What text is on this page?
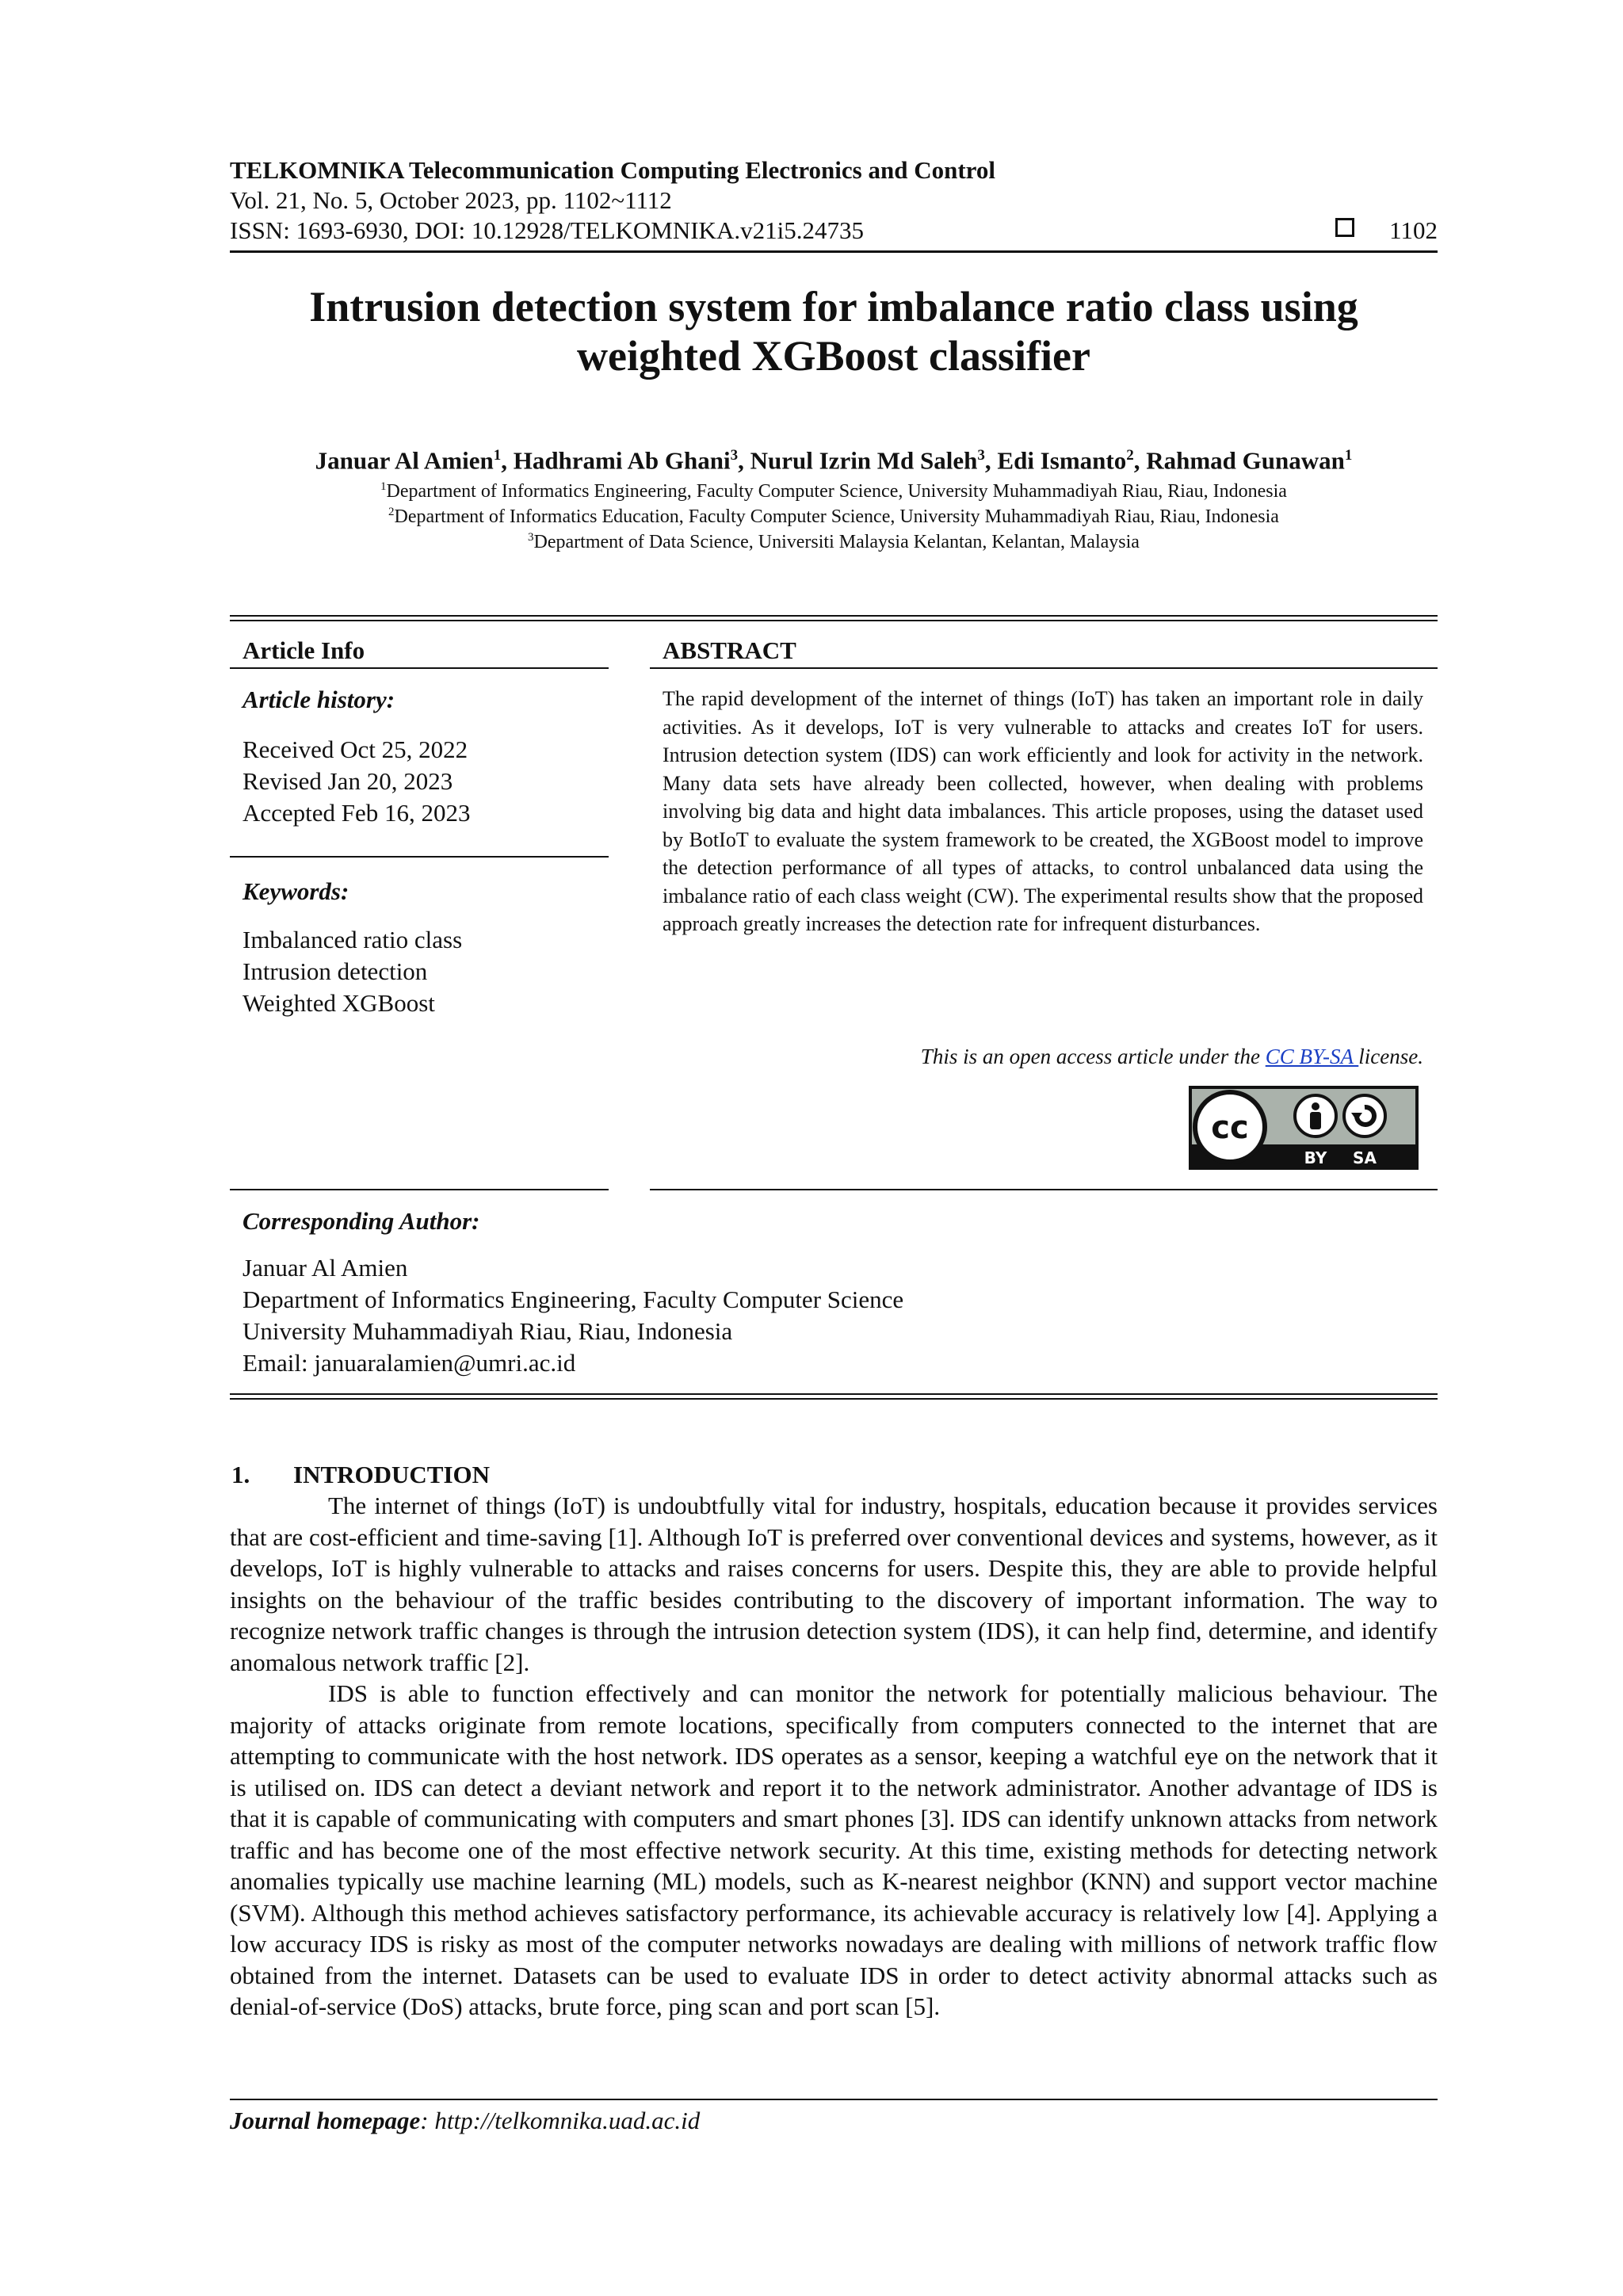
TELKOMNIKA Telecommunication Computing Electronics and Control
Vol. 21, No. 5, October 2023, pp. 1102~1112
ISSN: 1693-6930, DOI: 10.12928/TELKOMNIKA.v21i5.24735	1102
Intrusion detection system for imbalance ratio class using
weighted XGBoost classifier
Januar Al Amien$^1$, Hadhrami Ab Ghani$^3$, Nurul Izrin Md Saleh$^3$, Edi Ismanto$^2$, Rahmad Gunawan$^1$
$^1$Department of Informatics Engineering, Faculty Computer Science, University Muhammadiyah Riau, Riau, Indonesia
$^2$Department of Informatics Education, Faculty Computer Science, University Muhammadiyah Riau, Riau, Indonesia
$^3$Department of Data Science, Universiti Malaysia Kelantan, Kelantan, Malaysia
Article Info
Article history:
Received Oct 25, 2022
Revised Jan 20, 2023
Accepted Feb 16, 2023
Keywords:
Imbalanced ratio class
Intrusion detection
Weighted XGBoost
ABSTRACT
The rapid development of the internet of things (IoT) has taken an important role in daily activities. As it develops, IoT is very vulnerable to attacks and creates IoT for users. Intrusion detection system (IDS) can work efficiently and look for activity in the network. Many data sets have already been collected, however, when dealing with problems involving big data and hight data imbalances. This article proposes, using the dataset used by BotIoT to evaluate the system framework to be created, the XGBoost model to improve the detection performance of all types of attacks, to control unbalanced data using the imbalance ratio of each class weight (CW). The experimental results show that the proposed approach greatly increases the detection rate for infrequent disturbances.
This is an open access article under the CC BY-SA license.
cc
BY SA
Corresponding Author:
Januar Al Amien
Department of Informatics Engineering, Faculty Computer Science
University Muhammadiyah Riau, Riau, Indonesia
Email: januaralamien@umri.ac.id
1. INTRODUCTION

The internet of things (IoT) is undoubtfully vital for industry, hospitals, education because it provides services that are cost-efficient and time-saving [1]. Although IoT is preferred over conventional devices and systems, however, as it develops, IoT is highly vulnerable to attacks and raises concerns for users. Despite this, they are able to provide helpful insights on the behaviour of the traffic besides contributing to the discovery of important information. The way to recognize network traffic changes is through the intrusion detection system (IDS), it can help find, determine, and identify anomalous network traffic [2].

IDS is able to function effectively and can monitor the network for potentially malicious behaviour. The majority of attacks originate from remote locations, specifically from computers connected to the internet that are attempting to communicate with the host network. IDS operates as a sensor, keeping a watchful eye on the network that it is utilised on. IDS can detect a deviant network and report it to the network administrator. Another advantage of IDS is that it is capable of communicating with computers and smart phones [3]. IDS can identify unknown attacks from network traffic and has become one of the most effective network security. At this time, existing methods for detecting network anomalies typically use machine learning (ML) models, such as K-nearest neighbor (KNN) and support vector machine (SVM). Although this method achieves satisfactory performance, its achievable accuracy is relatively low [4]. Applying a low accuracy IDS is risky as most of the computer networks nowadays are dealing with millions of network traffic flow obtained from the internet. Datasets can be used to evaluate IDS in order to detect activity abnormal attacks such as denial-of-service (DoS) attacks, brute force, ping scan and port scan [5].

Journal homepage: http://telkomnika.uad.ac.id
